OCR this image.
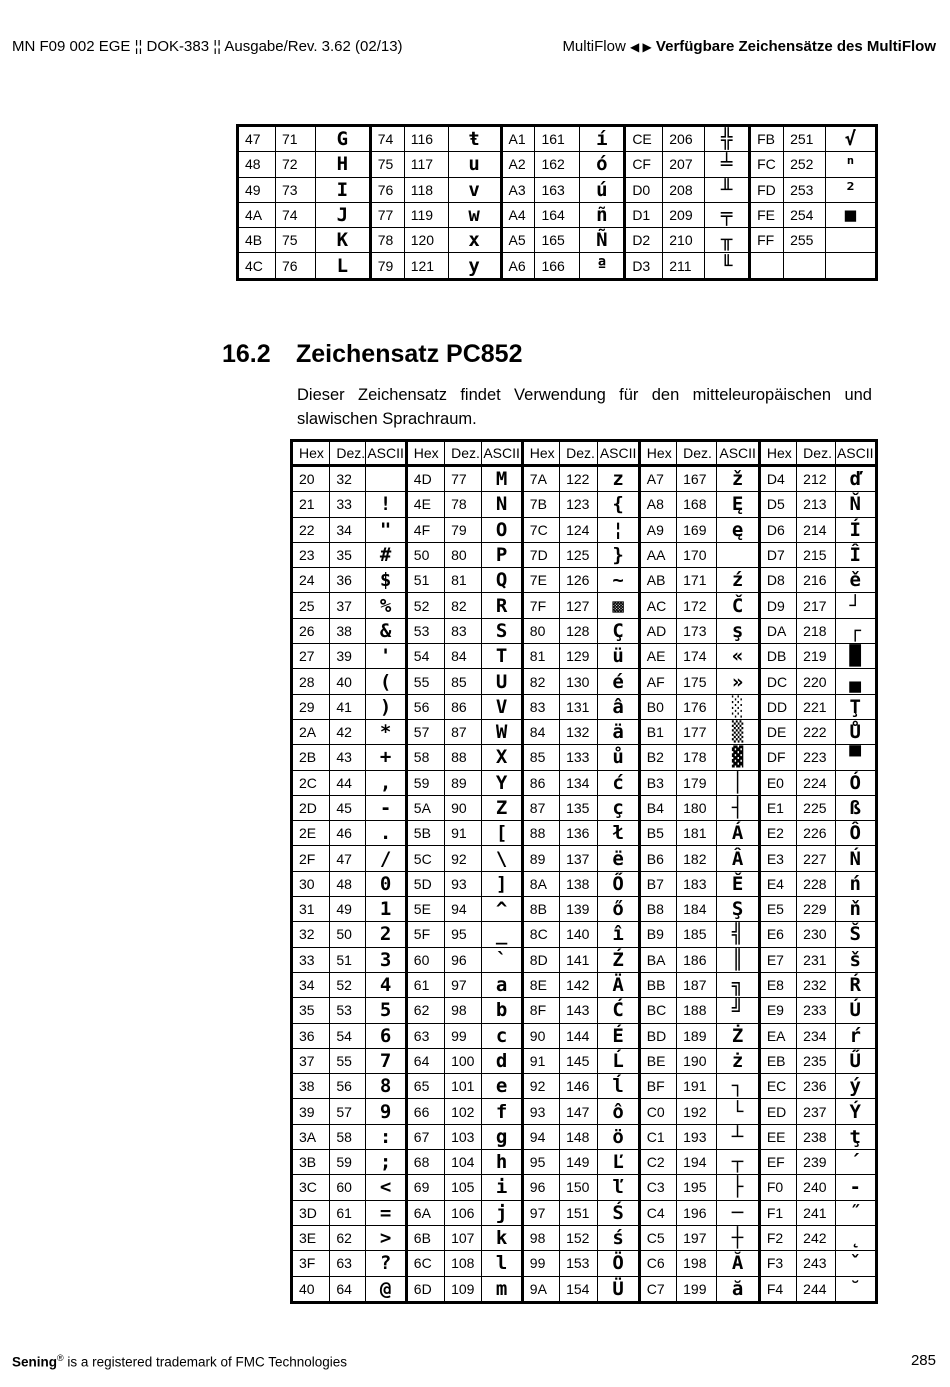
MN F09 002 EGE ¦¦ DOK-383 ¦¦ Ausgabe/Rev. 3.62 (02/13)	MultiFlow ◀ ▶ Verfügbare Zeichensätze des MultiFlow
47	71	G	74	116	ŧ	A1	161	í	CE	206	╬	FB	251	√
48	72	H	75	117	u	A2	162	ó	CF	207	╧	FC	252	ⁿ
49	73	I	76	118	v	A3	163	ú	D0	208	╨	FD	253	²
4A	74	J	77	119	w	A4	164	ñ	D1	209	╤	FE	254	■
4B	75	K	78	120	x	A5	165	Ñ	D2	210	╥	FF	255	
4C	76	L	79	121	y	A6	166	ª	D3	211	╙			
16.2 Zeichensatz PC852
Dieser Zeichensatz findet Verwendung für den mitteleuropäischen und slawischen Sprachraum.
Hex	Dez.	ASCII	Hex	Dez.	ASCII	Hex	Dez.	ASCII	Hex	Dez.	ASCII	Hex	Dez.	ASCII
20	32		4D	77	M	7A	122	z	A7	167	ž	D4	212	ď
21	33	!	4E	78	N	7B	123	{	A8	168	Ę	D5	213	Ň
22	34	"	4F	79	O	7C	124	¦	A9	169	ę	D6	214	Í
23	35	#	50	80	P	7D	125	}	AA	170		D7	215	Î
24	36	$	51	81	Q	7E	126	~	AB	171	ź	D8	216	ě
25	37	%	52	82	R	7F	127	▩	AC	172	Č	D9	217	┘
26	38	&	53	83	S	80	128	Ç	AD	173	ş	DA	218	┌
27	39	'	54	84	T	81	129	ü	AE	174	«	DB	219	█
28	40	(	55	85	U	82	130	é	AF	175	»	DC	220	▄
29	41	)	56	86	V	83	131	â	B0	176	░	DD	221	Ţ
2A	42	*	57	87	W	84	132	ä	B1	177	▒	DE	222	Ů
2B	43	+	58	88	X	85	133	ů	B2	178	▓	DF	223	▀
2C	44	,	59	89	Y	86	134	ć	B3	179	│	E0	224	Ó
2D	45	-	5A	90	Z	87	135	ç	B4	180	┤	E1	225	ß
2E	46	.	5B	91	[	88	136	ł	B5	181	Á	E2	226	Ô
2F	47	/	5C	92	\	89	137	ë	B6	182	Â	E3	227	Ń
30	48	0	5D	93	]	8A	138	Ő	B7	183	Ě	E4	228	ń
31	49	1	5E	94	^	8B	139	ő	B8	184	Ş	E5	229	ň
32	50	2	5F	95	_	8C	140	î	B9	185	╣	E6	230	Š
33	51	3	60	96	`	8D	141	Ź	BA	186	║	E7	231	š
34	52	4	61	97	a	8E	142	Ä	BB	187	╗	E8	232	Ŕ
35	53	5	62	98	b	8F	143	Ć	BC	188	╝	E9	233	Ú
36	54	6	63	99	c	90	144	É	BD	189	Ż	EA	234	ŕ
37	55	7	64	100	d	91	145	Ĺ	BE	190	ż	EB	235	Ű
38	56	8	65	101	e	92	146	ĺ	BF	191	┐	EC	236	ý
39	57	9	66	102	f	93	147	ô	C0	192	└	ED	237	Ý
3A	58	:	67	103	g	94	148	ö	C1	193	┴	EE	238	ţ
3B	59	;	68	104	h	95	149	Ľ	C2	194	┬	EF	239	´
3C	60	<	69	105	i	96	150	ľ	C3	195	├	F0	240	-
3D	61	=	6A	106	j	97	151	Ś	C4	196	─	F1	241	˝
3E	62	>	6B	107	k	98	152	ś	C5	197	┼	F2	242	˛
3F	63	?	6C	108	l	99	153	Ö	C6	198	Ă	F3	243	ˇ
40	64	@	6D	109	m	9A	154	Ü	C7	199	ă	F4	244	˘
Sening® is a registered trademark of FMC Technologies	285
